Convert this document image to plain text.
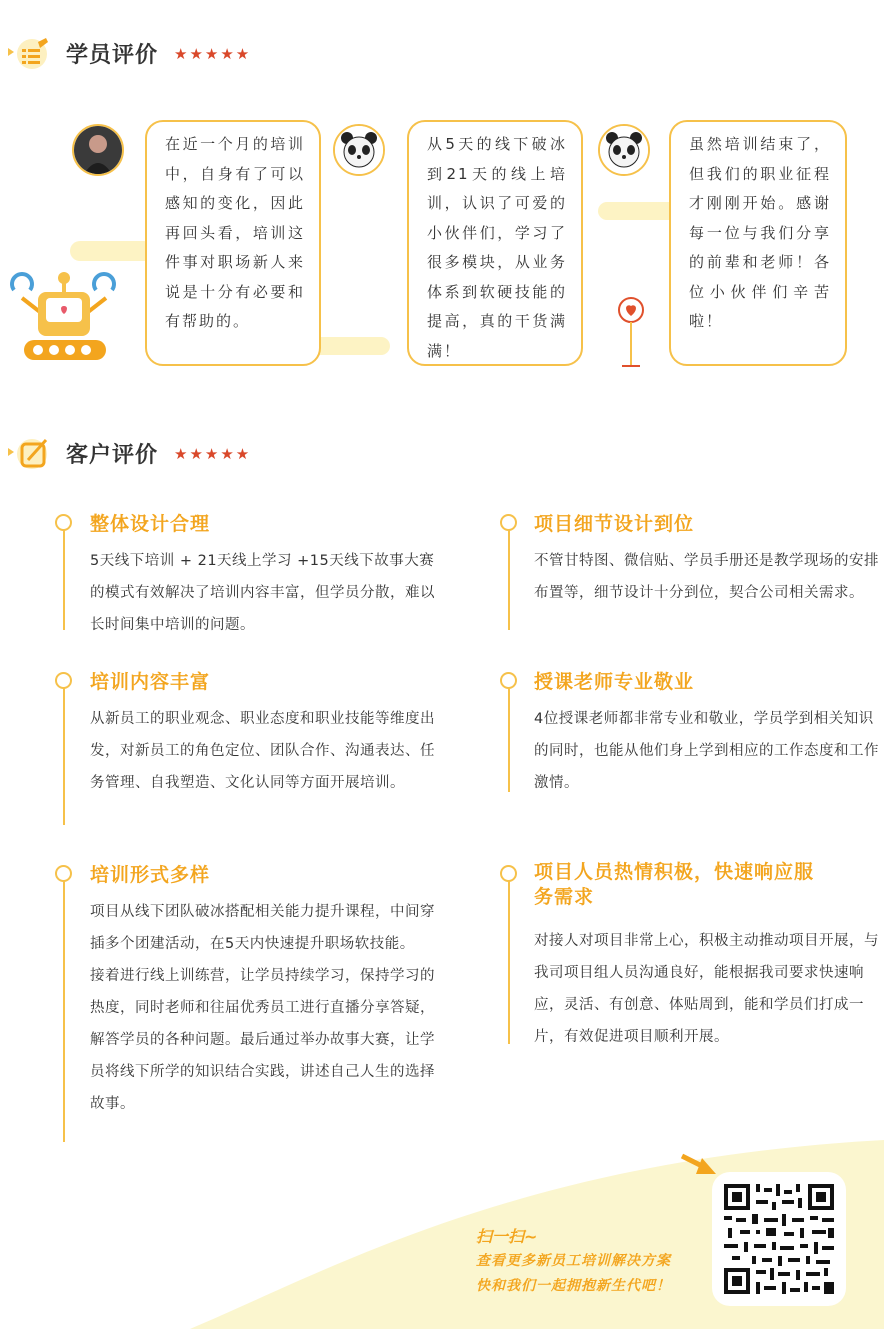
学员评价 ★★★★★
在近一个月的培训中，自身有了可以感知的变化，因此再回头看，培训这件事对职场新人来说是十分有必要和有帮助的。
从5天的线下破冰到21天的线上培训，认识了可爱的小伙伴们，学习了很多模块，从业务体系到软硬技能的提高，真的干货满满！
虽然培训结束了，但我们的职业征程才刚刚开始。感谢每一位与我们分享的前辈和老师！各位小伙伴们辛苦啦！
客户评价 ★★★★★
整体设计合理
5天线下培训 + 21天线上学习 +15天线下故事大赛的模式有效解决了培训内容丰富，但学员分散，难以长时间集中培训的问题。
培训内容丰富
从新员工的职业观念、职业态度和职业技能等维度出发，对新员工的角色定位、团队合作、沟通表达、任务管理、自我塑造、文化认同等方面开展培训。
培训形式多样
项目从线下团队破冰搭配相关能力提升课程，中间穿插多个团建活动，在5天内快速提升职场软技能。
接着进行线上训练营，让学员持续学习，保持学习的热度，同时老师和往届优秀员工进行直播分享答疑，解答学员的各种问题。最后通过举办故事大赛，让学员将线下所学的知识结合实践，讲述自己人生的选择故事。
项目细节设计到位
不管甘特图、微信贴、学员手册还是教学现场的安排布置等，细节设计十分到位，契合公司相关需求。
授课老师专业敬业
4位授课老师都非常专业和敬业，学员学到相关知识的同时，也能从他们身上学到相应的工作态度和工作激情。
项目人员热情积极，快速响应服务需求
对接人对项目非常上心，积极主动推动项目开展，与我司项目组人员沟通良好，能根据我司要求快速响应，灵活、有创意、体贴周到，能和学员们打成一片，有效促进项目顺利开展。
扫一扫~
查看更多新员工培训解决方案
快和我们一起拥抱新生代吧！
